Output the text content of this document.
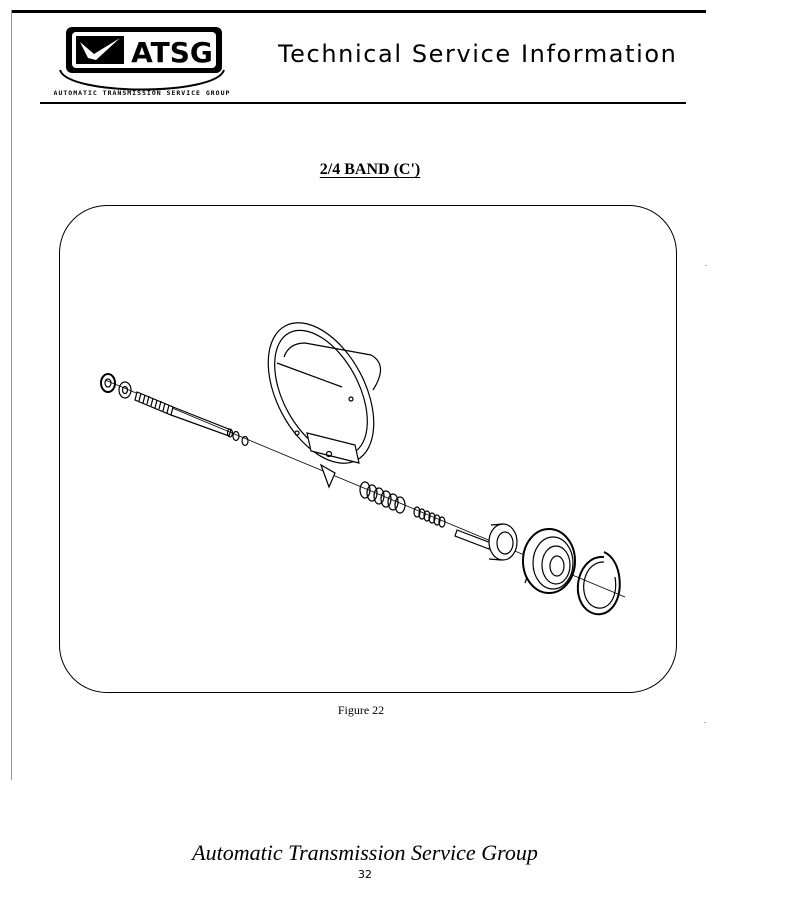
ATSG
AUTOMATIC TRANSMISSION SERVICE GROUP
Technical Service Information
2/4 BAND (C')
Figure 22
Automatic Transmission Service Group
32
